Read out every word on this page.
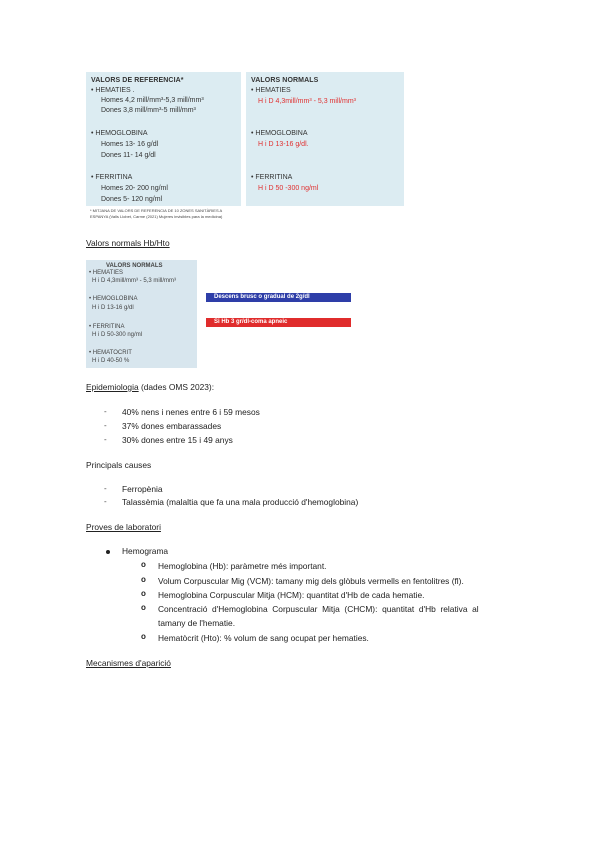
VALORS DE REFERENCIA*
• HEMATIES .
Homes 4,2 mill/mm³-5,3 mill/mm³
Dones 3,8 mill/mm³-5 mill/mm³
• HEMOGLOBINA
Homes 13- 16 g/dl
Dones 11- 14 g/dl
• FERRITINA
Homes 20- 200 ng/ml
Dones 5- 120 ng/ml
* MITJANA DE VALORS DE REFERENCIA DE 10 ZONES SANITÀRIES A
ESPANYA (Valls Llobet, Carme (2021) Mujeres invisibles para la medicina)
VALORS NORMALS
• HEMATIES
H i D 4,3mill/mm³ - 5,3 mill/mm³
• HEMOGLOBINA
H i D 13-16 g/dl.
• FERRITINA
H i D 50 -300 ng/ml
Valors normals Hb/Hto
VALORS NORMALS
• HEMATIES
H i D 4,3mill/mm³ - 5,3 mill/mm³
• HEMOGLOBINA
H i D 13-16 g/dl
• FERRITINA
H i D 50-300 ng/ml
• HEMATOCRIT
H i D 40-50 %
Descens brusc o gradual de 2g/dl
Si Hb 3 gr/dl-coma apneic
Epidemiologia (dades OMS 2023):
- 40% nens i nenes entre 6 i 59 mesos
- 37% dones embarassades
- 30% dones entre 15 i 49 anys
Principals causes
- Ferropènia
- Talassèmia (malaltia que fa una mala producció d'hemoglobina)
Proves de laboratori
Hemograma
o Hemoglobina (Hb): paràmetre més important.
o Volum Corpuscular Mig (VCM): tamany mig dels glòbuls vermells en fentolitres (fl).
o Hemoglobina Corpuscular Mitja (HCM): quantitat d'Hb de cada hematie.
o Concentració  d'Hemoglobina  Corpuscular  Mitja  (CHCM):  quantitat  d'Hb  relativa  al
tamany de l'hematie.
o Hematòcrit (Hto): % volum de sang ocupat per hematies.
Mecanismes d'aparició
